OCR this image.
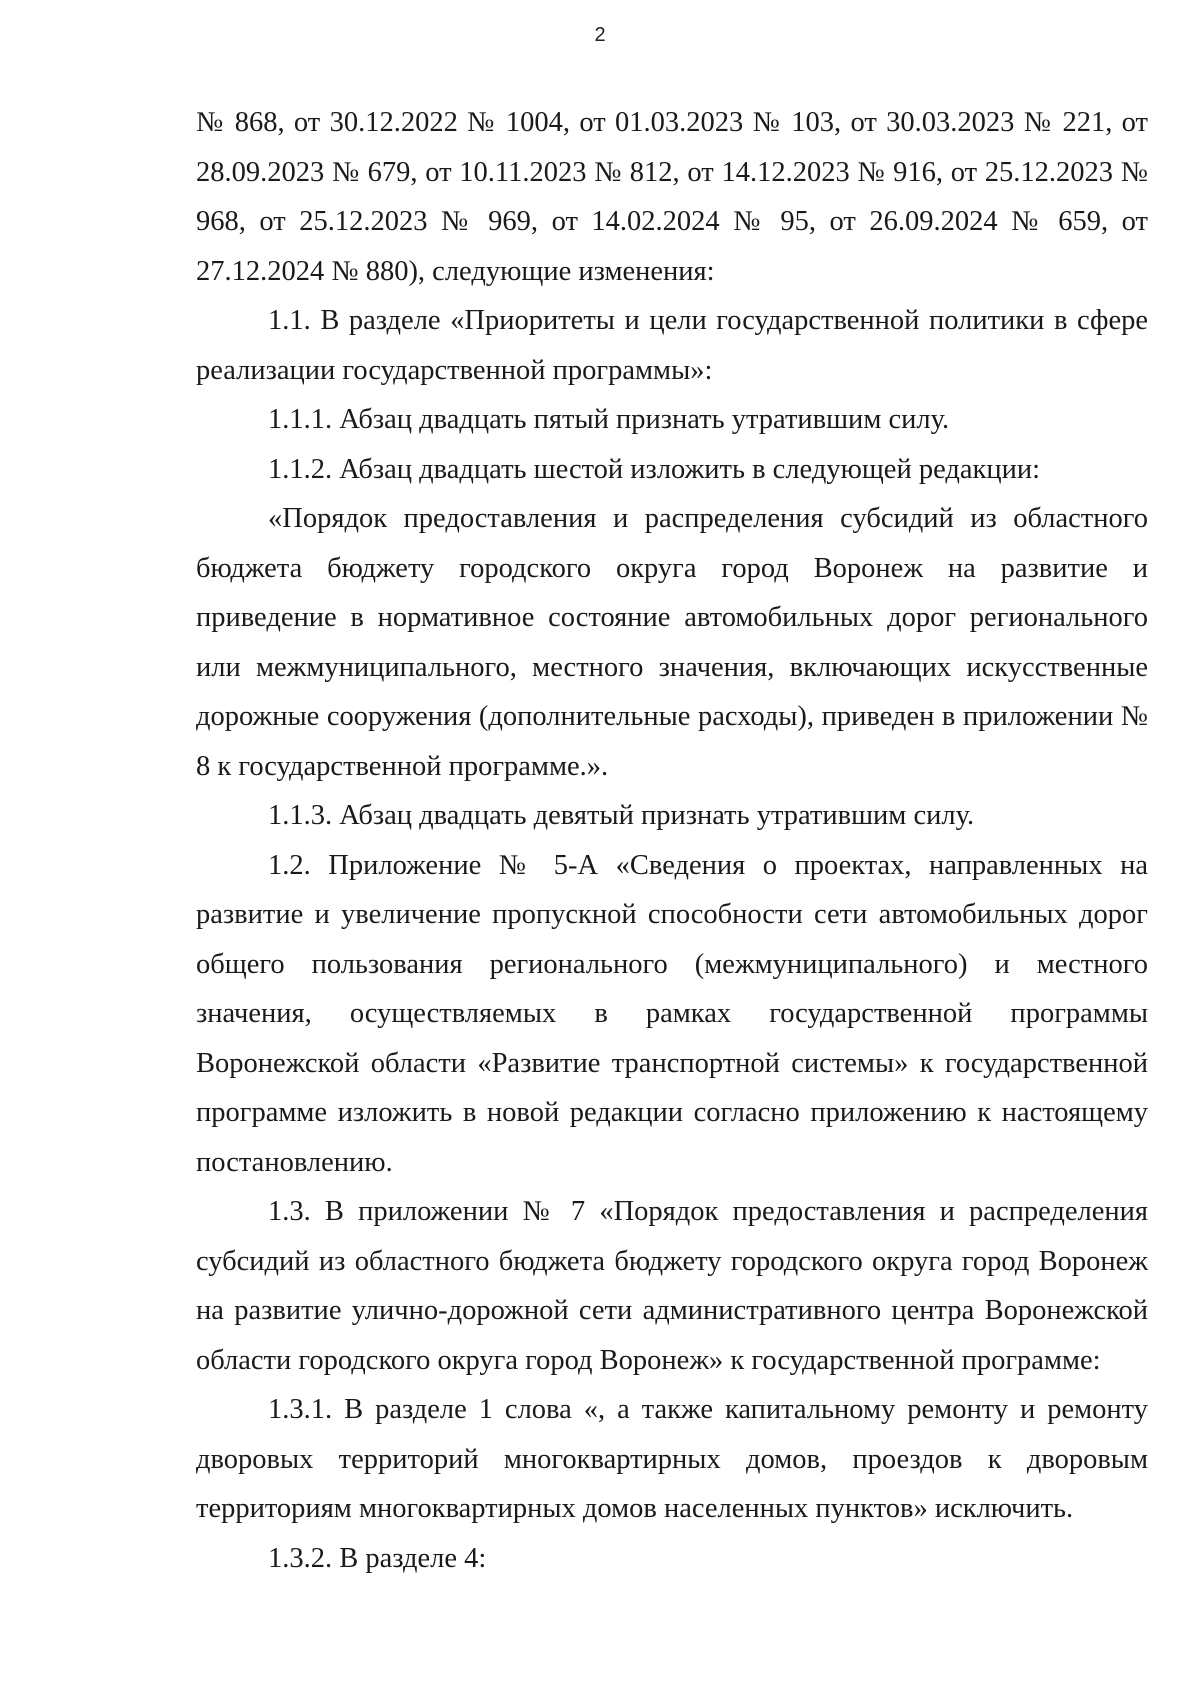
2

№ 868, от 30.12.2022 № 1004, от 01.03.2023 № 103, от 30.03.2023 № 221, от 28.09.2023 № 679, от 10.11.2023 № 812, от 14.12.2023 № 916, от 25.12.2023 № 968, от 25.12.2023 № 969, от 14.02.2024 № 95, от 26.09.2024 № 659, от 27.12.2024 № 880), следующие изменения:

1.1. В разделе «Приоритеты и цели государственной политики в сфере реализации государственной программы»:

1.1.1. Абзац двадцать пятый признать утратившим силу.

1.1.2. Абзац двадцать шестой изложить в следующей редакции:

«Порядок предоставления и распределения субсидий из областного бюджета бюджету городского округа город Воронеж на развитие и приведение в нормативное состояние автомобильных дорог регионального или межмуниципального, местного значения, включающих искусственные дорожные сооружения (дополнительные расходы), приведен в приложении № 8 к государственной программе.».

1.1.3. Абзац двадцать девятый признать утратившим силу.

1.2. Приложение № 5-А «Сведения о проектах, направленных на развитие и увеличение пропускной способности сети автомобильных дорог общего пользования регионального (межмуниципального) и местного значения, осуществляемых в рамках государственной программы Воронежской области «Развитие транспортной системы» к государственной программе изложить в новой редакции согласно приложению к настоящему постановлению.

1.3. В приложении № 7 «Порядок предоставления и распределения субсидий из областного бюджета бюджету городского округа город Воронеж на развитие улично-дорожной сети административного центра Воронежской области городского округа город Воронеж» к государственной программе:

1.3.1. В разделе 1 слова «, а также капитальному ремонту и ремонту дворовых территорий многоквартирных домов, проездов к дворовым территориям многоквартирных домов населенных пунктов» исключить.

1.3.2. В разделе 4:
